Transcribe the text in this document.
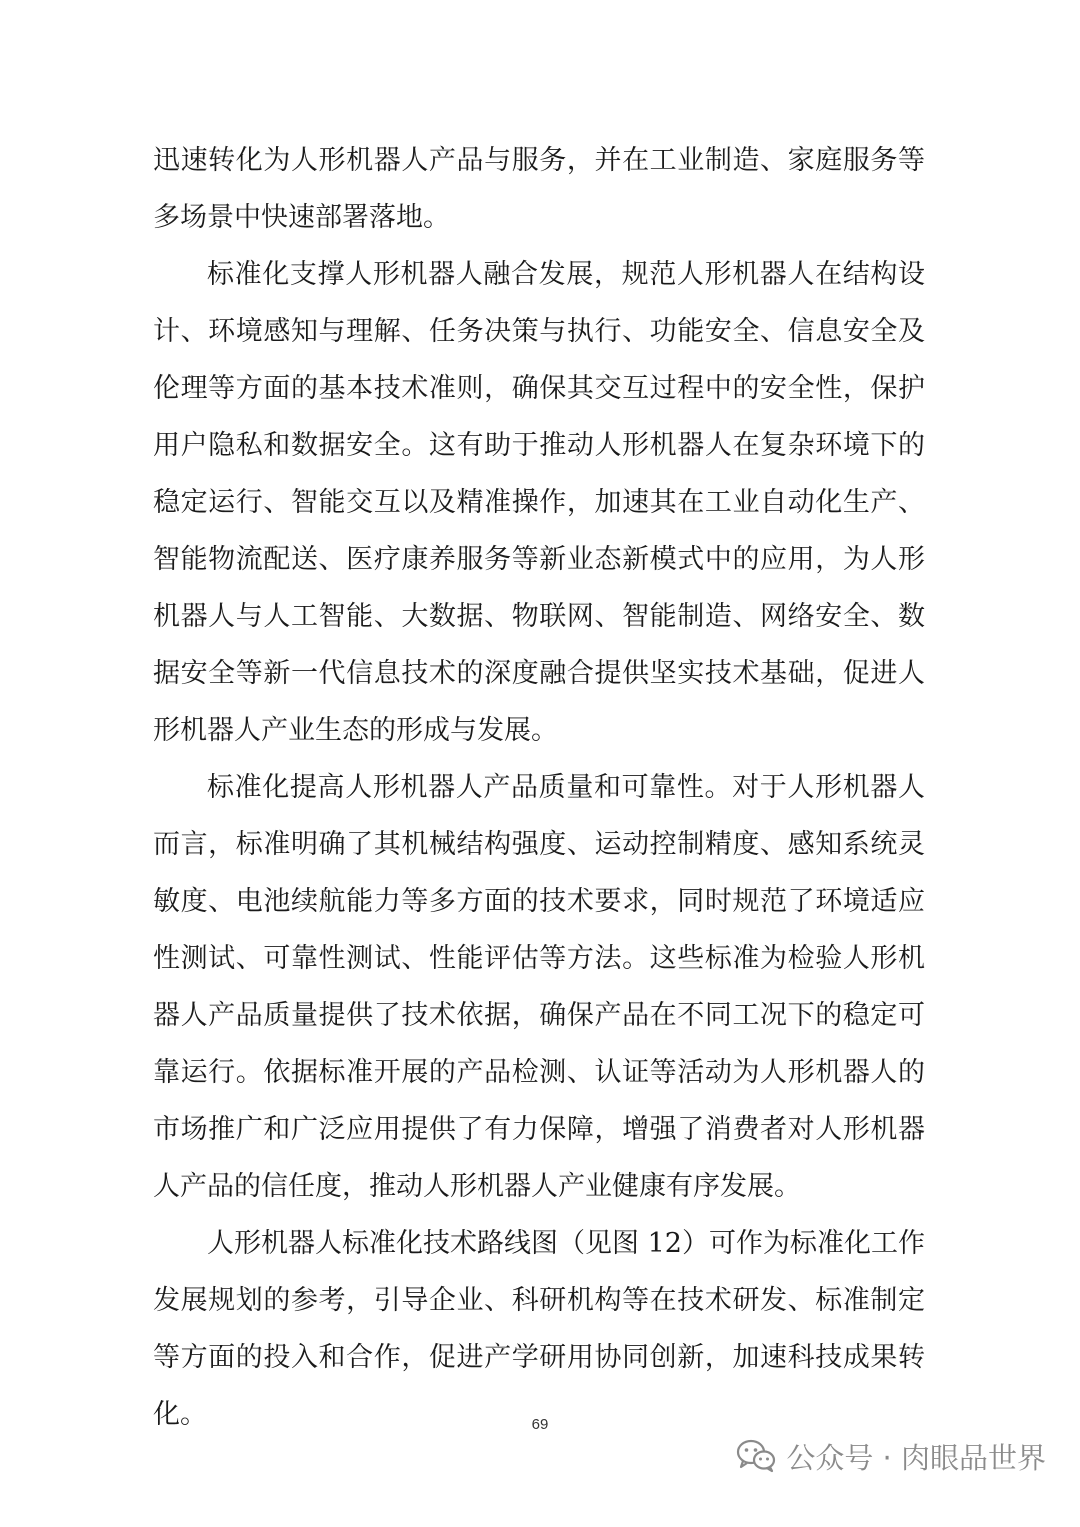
迅速转化为人形机器人产品与服务，并在工业制造、家庭服务等多场景中快速部署落地。

标准化支撑人形机器人融合发展，规范人形机器人在结构设计、环境感知与理解、任务决策与执行、功能安全、信息安全及伦理等方面的基本技术准则，确保其交互过程中的安全性，保护用户隐私和数据安全。这有助于推动人形机器人在复杂环境下的稳定运行、智能交互以及精准操作，加速其在工业自动化生产、智能物流配送、医疗康养服务等新业态新模式中的应用，为人形机器人与人工智能、大数据、物联网、智能制造、网络安全、数据安全等新一代信息技术的深度融合提供坚实技术基础，促进人形机器人产业生态的形成与发展。

标准化提高人形机器人产品质量和可靠性。对于人形机器人而言，标准明确了其机械结构强度、运动控制精度、感知系统灵敏度、电池续航能力等多方面的技术要求，同时规范了环境适应性测试、可靠性测试、性能评估等方法。这些标准为检验人形机器人产品质量提供了技术依据，确保产品在不同工况下的稳定可靠运行。依据标准开展的产品检测、认证等活动为人形机器人的市场推广和广泛应用提供了有力保障，增强了消费者对人形机器人产品的信任度，推动人形机器人产业健康有序发展。

人形机器人标准化技术路线图（见图 12）可作为标准化工作发展规划的参考，引导企业、科研机构等在技术研发、标准制定等方面的投入和合作，促进产学研用协同创新，加速科技成果转化。	69
公众号 · 肉眼品世界
